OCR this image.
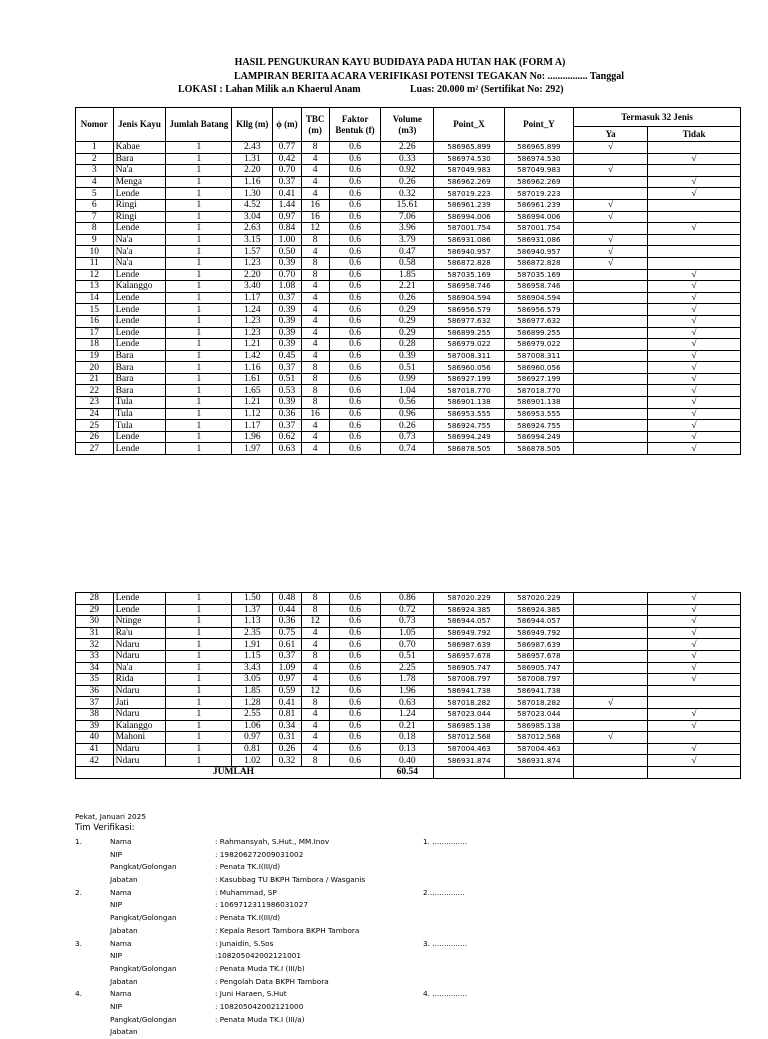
HASIL PENGUKURAN KAYU BUDIDAYA PADA HUTAN HAK (FORM A)
LAMPIRAN BERITA ACARA VERIFIKASI POTENSI TEGAKAN No: ................ Tanggal
LOKASI : Lahan Milik a.n Khaerul Anam	Luas: 20.000 m² (Sertifikat No: 292)
Nomor	Jenis Kayu	Jumlah Batang	Kllg (m)	ϕ (m)	TBC (m)	Faktor Bentuk (f)	Volume (m3)	Point_X	Point_Y	Termasuk 32 Jenis	
										Ya	Tidak
1	Kabae	1	2.43	0.77	8	0.6	2.26	586965.899	586965.899	√	
2	Bara	1	1.31	0.42	4	0.6	0.33	586974.530	586974.530		√
3	Na'a	1	2.20	0.70	4	0.6	0.92	587049.983	587049.983	√	
4	Menga	1	1.16	0.37	4	0.6	0.26	586962.269	586962.269		√
5	Lende	1	1.30	0.41	4	0.6	0.32	587019.223	587019.223		√
6	Ringi	1	4.52	1.44	16	0.6	15.61	586961.239	586961.239	√	
7	Ringi	1	3.04	0.97	16	0.6	7.06	586994.006	586994.006	√	
8	Lende	1	2.63	0.84	12	0.6	3.96	587001.754	587001.754		√
9	Na'a	1	3.15	1.00	8	0.6	3.79	586931.086	586931.086	√	
10	Na'a	1	1.57	0.50	4	0.6	0.47	586940.957	586940.957	√	
11	Na'a	1	1.23	0.39	8	0.6	0.58	586872.828	586872.828	√	
12	Lende	1	2.20	0.70	8	0.6	1.85	587035.169	587035.169		√
13	Kalanggo	1	3.40	1.08	4	0.6	2.21	586958.746	586958.746		√
14	Lende	1	1.17	0.37	4	0.6	0.26	586904.594	586904.594		√
15	Lende	1	1.24	0.39	4	0.6	0.29	586956.579	586956.579		√
16	Lende	1	1.23	0.39	4	0.6	0.29	586977.632	586977.632		√
17	Lende	1	1.23	0.39	4	0.6	0.29	586899.255	586899.255		√
18	Lende	1	1.21	0.39	4	0.6	0.28	586979.022	586979.022		√
19	Bara	1	1.42	0.45	4	0.6	0.39	587008.311	587008.311		√
20	Bara	1	1.16	0.37	8	0.6	0.51	586960.056	586960.056		√
21	Bara	1	1.61	0.51	8	0.6	0.99	586927.199	586927.199		√
22	Bara	1	1.65	0.53	8	0.6	1.04	587018.770	587018.770		√
23	Tula	1	1.21	0.39	8	0.6	0.56	586901.138	586901.138		√
24	Tula	1	1.12	0.36	16	0.6	0.96	586953.555	586953.555		√
25	Tula	1	1.17	0.37	4	0.6	0.26	586924.755	586924.755		√
26	Lende	1	1.96	0.62	4	0.6	0.73	586994.249	586994.249		√
27	Lende	1	1.97	0.63	4	0.6	0.74	586878.505	586878.505		√
28	Lende	1	1.50	0.48	8	0.6	0.86	587020.229	587020.229		√
29	Lende	1	1.37	0.44	8	0.6	0.72	586924.385	586924.385		√
30	Ntinge	1	1.13	0.36	12	0.6	0.73	586944.057	586944.057		√
31	Ra'u	1	2.35	0.75	4	0.6	1.05	586949.792	586949.792		√
32	Ndaru	1	1.91	0.61	4	0.6	0.70	586987.639	586987.639		√
33	Ndaru	1	1.15	0.37	8	0.6	0.51	586957.678	586957.678		√
34	Na'a	1	3.43	1.09	4	0.6	2.25	586905.747	586905.747		√
35	Rida	1	3.05	0.97	4	0.6	1.78	587008.797	587008.797		√
36	Ndaru	1	1.85	0.59	12	0.6	1.96	586941.738	586941.738		
37	Jati	1	1.28	0.41	8	0.6	0.63	587018.282	587018.282	√	
38	Ndaru	1	2.55	0.81	4	0.6	1.24	587023.044	587023.044		√
39	Kalanggo	1	1.06	0.34	4	0.6	0.21	586985.138	586985.138		√
40	Mahoni	1	0.97	0.31	4	0.6	0.18	587012.568	587012.568	√	
41	Ndaru	1	0.81	0.26	4	0.6	0.13	587004.463	587004.463		√
42	Ndaru	1	1.02	0.32	8	0.6	0.40	586931.874	586931.874		√
		JUMLAH					60.54				
Pekat, Januari 2025
Tim Verifikasi:
1.	Nama	: Rahmansyah, S.Hut., MM.Inov	1. ...............
NIP	: 198206272009031002
Pangkat/Golongan	: Penata TK.I(III/d)
Jabatan	: Kasubbag TU BKPH Tambora / Wasganis
2.	Nama	: Muhammad, SP	2................
NIP	: 106971231198603102​7
Pangkat/Golongan	: Penata TK.I(III/d)
Jabatan	: Kepala Resort Tambora BKPH Tambora
3.	Nama	: Junaidin, S.Sos	3. ...............
NIP	:108205042002121001
Pangkat/Golongan	: Penata Muda TK.I (III/b)
Jabatan	: Pengolah Data BKPH Tambora
4.	Nama	: Juni Haraen, S.Hut	4. ...............
NIP	: 108205042002121000
Pangkat/Golongan	: Penata Muda TK.I (III/a)
Jabatan
